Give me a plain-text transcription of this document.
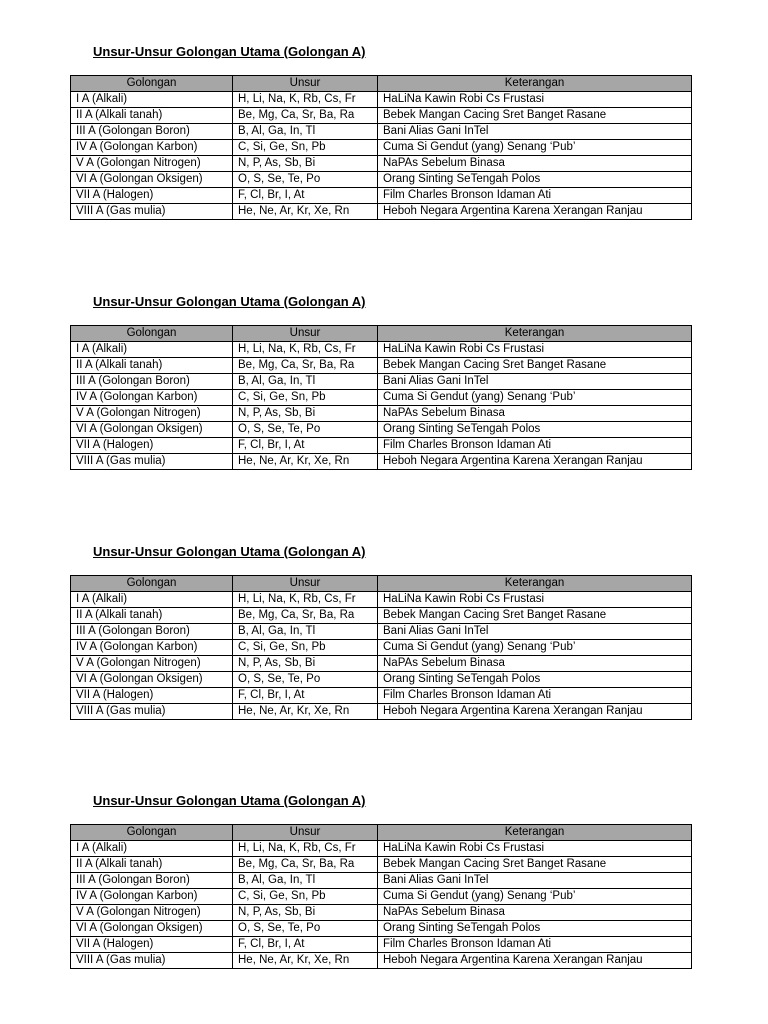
Unsur-Unsur Golongan Utama (Golongan A)
Golongan	Unsur	Keterangan
I A (Alkali)	H, Li, Na, K, Rb, Cs, Fr	HaLiNa Kawin Robi Cs Frustasi
II A (Alkali tanah)	Be, Mg, Ca, Sr, Ba, Ra	Bebek Mangan Cacing Sret Banget Rasane
III A (Golongan Boron)	B, Al, Ga, In, Tl	Bani Alias Gani InTel
IV A (Golongan Karbon)	C, Si, Ge, Sn, Pb	Cuma Si Gendut (yang) Senang ‘Pub’
V A (Golongan Nitrogen)	N, P, As, Sb, Bi	NaPAs Sebelum Binasa
VI A (Golongan Oksigen)	O, S, Se, Te, Po	Orang Sinting SeTengah Polos
VII A (Halogen)	F, Cl, Br, I, At	Film Charles Bronson Idaman Ati
VIII A (Gas mulia)	He, Ne, Ar, Kr, Xe, Rn	Heboh Negara Argentina Karena Xerangan Ranjau
Unsur-Unsur Golongan Utama (Golongan A)
Golongan	Unsur	Keterangan
I A (Alkali)	H, Li, Na, K, Rb, Cs, Fr	HaLiNa Kawin Robi Cs Frustasi
II A (Alkali tanah)	Be, Mg, Ca, Sr, Ba, Ra	Bebek Mangan Cacing Sret Banget Rasane
III A (Golongan Boron)	B, Al, Ga, In, Tl	Bani Alias Gani InTel
IV A (Golongan Karbon)	C, Si, Ge, Sn, Pb	Cuma Si Gendut (yang) Senang ‘Pub’
V A (Golongan Nitrogen)	N, P, As, Sb, Bi	NaPAs Sebelum Binasa
VI A (Golongan Oksigen)	O, S, Se, Te, Po	Orang Sinting SeTengah Polos
VII A (Halogen)	F, Cl, Br, I, At	Film Charles Bronson Idaman Ati
VIII A (Gas mulia)	He, Ne, Ar, Kr, Xe, Rn	Heboh Negara Argentina Karena Xerangan Ranjau
Unsur-Unsur Golongan Utama (Golongan A)
Golongan	Unsur	Keterangan
I A (Alkali)	H, Li, Na, K, Rb, Cs, Fr	HaLiNa Kawin Robi Cs Frustasi
II A (Alkali tanah)	Be, Mg, Ca, Sr, Ba, Ra	Bebek Mangan Cacing Sret Banget Rasane
III A (Golongan Boron)	B, Al, Ga, In, Tl	Bani Alias Gani InTel
IV A (Golongan Karbon)	C, Si, Ge, Sn, Pb	Cuma Si Gendut (yang) Senang ‘Pub’
V A (Golongan Nitrogen)	N, P, As, Sb, Bi	NaPAs Sebelum Binasa
VI A (Golongan Oksigen)	O, S, Se, Te, Po	Orang Sinting SeTengah Polos
VII A (Halogen)	F, Cl, Br, I, At	Film Charles Bronson Idaman Ati
VIII A (Gas mulia)	He, Ne, Ar, Kr, Xe, Rn	Heboh Negara Argentina Karena Xerangan Ranjau
Unsur-Unsur Golongan Utama (Golongan A)
Golongan	Unsur	Keterangan
I A (Alkali)	H, Li, Na, K, Rb, Cs, Fr	HaLiNa Kawin Robi Cs Frustasi
II A (Alkali tanah)	Be, Mg, Ca, Sr, Ba, Ra	Bebek Mangan Cacing Sret Banget Rasane
III A (Golongan Boron)	B, Al, Ga, In, Tl	Bani Alias Gani InTel
IV A (Golongan Karbon)	C, Si, Ge, Sn, Pb	Cuma Si Gendut (yang) Senang ‘Pub’
V A (Golongan Nitrogen)	N, P, As, Sb, Bi	NaPAs Sebelum Binasa
VI A (Golongan Oksigen)	O, S, Se, Te, Po	Orang Sinting SeTengah Polos
VII A (Halogen)	F, Cl, Br, I, At	Film Charles Bronson Idaman Ati
VIII A (Gas mulia)	He, Ne, Ar, Kr, Xe, Rn	Heboh Negara Argentina Karena Xerangan Ranjau
